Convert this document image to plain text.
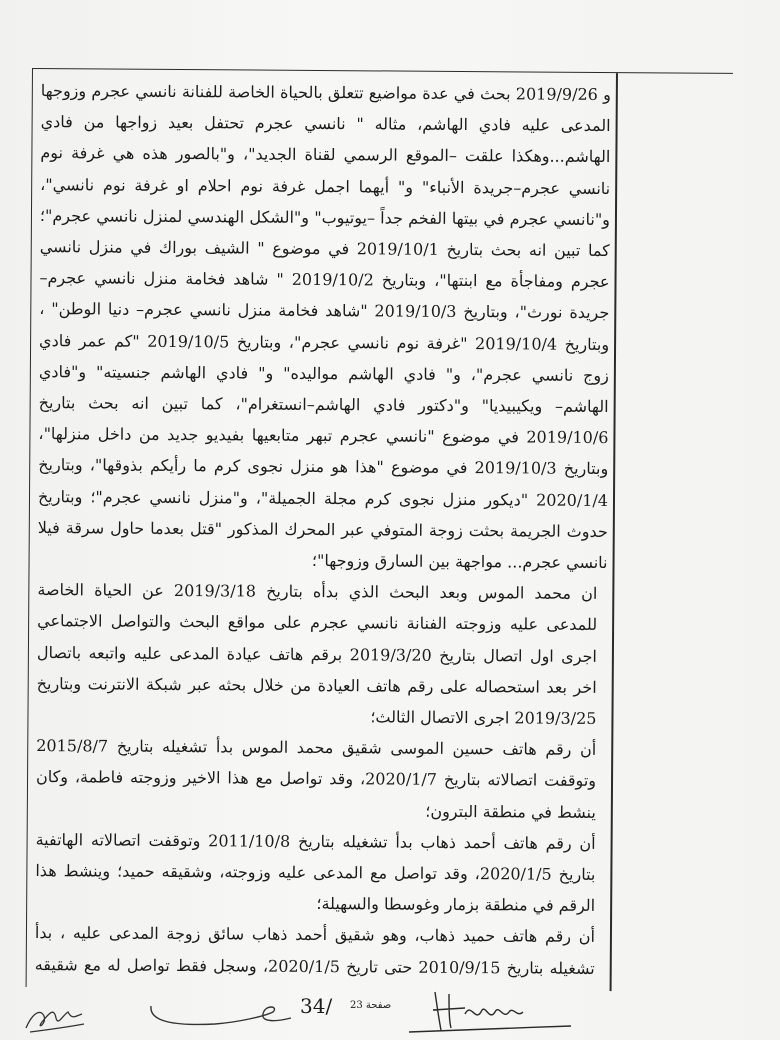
و 2019/9/26 بحث في عدة مواضيع تتعلق بالحياة الخاصة للفنانة نانسي عجرم وزوجها المدعى عليه فادي الهاشم، مثاله " نانسي عجرم تحتفل بعيد زواجها من فادي الهاشم...وهكذا علقت –الموقع الرسمي لقناة الجديد"، و"بالصور هذه هي غرفة نوم نانسي عجرم–جريدة الأنباء" و" أيهما اجمل غرفة نوم احلام او غرفة نوم نانسي"، و"نانسي عجرم في بيتها الفخم جداً –يوتيوب" و"الشكل الهندسي لمنزل نانسي عجرم"؛ كما تبين انه بحث بتاريخ 2019/10/1 في موضوع " الشيف بوراك في منزل نانسي عجرم ومفاجأة مع ابنتها"، وبتاريخ 2019/10/2 " شاهد فخامة منزل نانسي عجرم–جريدة نورث"، وبتاريخ 2019/10/3 "شاهد فخامة منزل نانسي عجرم– دنيا الوطن" ، وبتاريخ 2019/10/4 "غرفة نوم نانسي عجرم"، وبتاريخ 2019/10/5 "كم عمر فادي زوج نانسي عجرم"، و" فادي الهاشم مواليده" و" فادي الهاشم جنسيته" و"فادي الهاشم– ويكيبيديا" و"دكتور فادي الهاشم–انستغرام"، كما تبين انه بحث بتاريخ 2019/10/6 في موضوع "نانسي عجرم تبهر متابعيها بفيديو جديد من داخل منزلها"، وبتاريخ 2019/10/3 في موضوع "هذا هو منزل نجوى كرم ما رأيكم بذوقها"، وبتاريخ 2020/1/4 "ديكور منزل نجوى كرم مجلة الجميلة"، و"منزل نانسي عجرم"؛ وبتاريخ حدوث الجريمة بحثت زوجة المتوفي عبر المحرك المذكور "قتل بعدما حاول سرقة فيلا نانسي عجرم... مواجهة بين السارق وزوجها"؛

ان محمد الموس وبعد البحث الذي بدأه بتاريخ 2019/3/18 عن الحياة الخاصة للمدعى عليه وزوجته الفنانة نانسي عجرم على مواقع البحث والتواصل الاجتماعي اجرى اول اتصال بتاريخ 2019/3/20 برقم هاتف عيادة المدعى عليه واتبعه باتصال اخر بعد استحصاله على رقم هاتف العيادة من خلال بحثه عبر شبكة الانترنت وبتاريخ 2019/3/25 اجرى الاتصال الثالث؛
أن رقم هاتف حسين الموسى شقيق محمد الموس بدأ تشغيله بتاريخ 2015/8/7 وتوقفت اتصالاته بتاريخ 2020/1/7، وقد تواصل مع هذا الاخير وزوجته فاطمة، وكان ينشط في منطقة البترون؛
أن رقم هاتف أحمد ذهاب بدأ تشغيله بتاريخ 2011/10/8 وتوقفت اتصالاته الهاتفية بتاريخ 2020/1/5، وقد تواصل مع المدعى عليه وزوجته، وشقيقه حميد؛ وينشط هذا الرقم في منطقة بزمار وغوسطا والسهيلة؛
أن رقم هاتف حميد ذهاب، وهو شقيق أحمد ذهاب سائق زوجة المدعى عليه ، بدأ تشغيله بتاريخ 2010/9/15 حتى تاريخ 2020/1/5، وسجل فقط تواصل له مع شقيقه

34/ صفحة 23
